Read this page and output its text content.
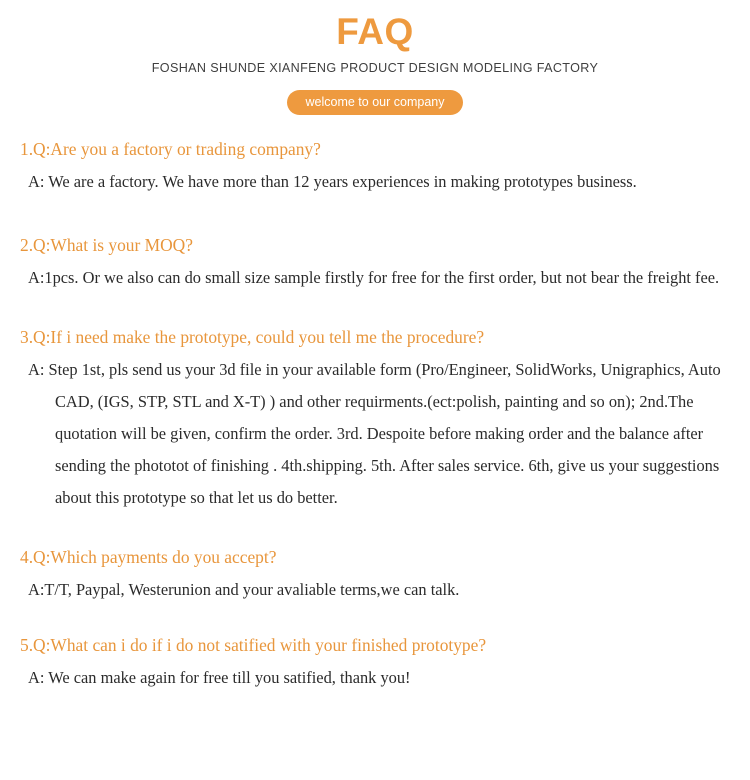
FAQ
FOSHAN SHUNDE XIANFENG PRODUCT DESIGN MODELING FACTORY
welcome to our company
1.Q:Are you a factory or trading company?
A: We are a factory. We have more than 12 years experiences in making prototypes business.
2.Q:What is your MOQ?
A:1pcs. Or we also can do small size sample firstly for free for the first order, but not bear the freight fee.
3.Q:If i need make the prototype, could you tell me the procedure?
A: Step 1st, pls send us your 3d file in your available form (Pro/Engineer, SolidWorks, Unigraphics, Auto CAD, (IGS, STP, STL and X-T) ) and other requirments.(ect:polish, painting and so on); 2nd.The quotation will be given, confirm the order. 3rd. Despoite before making order and the balance after sending the phototot of finishing . 4th.shipping. 5th. After sales service. 6th, give us your suggestions about this prototype so that let us do better.
4.Q:Which payments do you accept?
A:T/T, Paypal, Westerunion and your avaliable terms,we can talk.
5.Q:What can i do if i do not satified with your finished prototype?
A: We can make again for free till you satified, thank you!
